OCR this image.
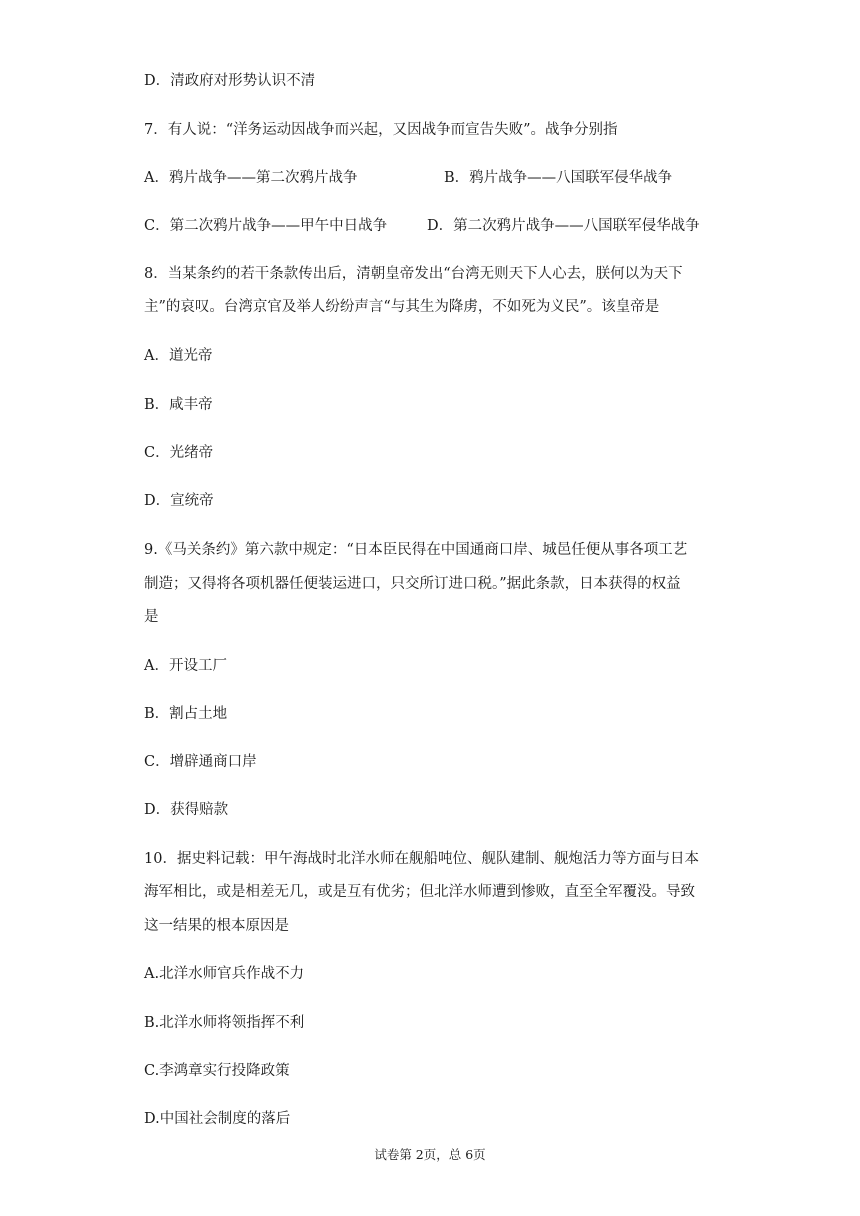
D．清政府对形势认识不清
7．有人说：“洋务运动因战争而兴起，又因战争而宣告失败”。战争分别指
A．鸦片战争——第二次鸦片战争	B．鸦片战争——八国联军侵华战争
C．第二次鸦片战争——甲午中日战争	D．第二次鸦片战争——八国联军侵华战争
8．当某条约的若干条款传出后，清朝皇帝发出“台湾无则天下人心去，朕何以为天下
主”的哀叹。台湾京官及举人纷纷声言“与其生为降虏，不如死为义民”。该皇帝是
A．道光帝
B．咸丰帝
C．光绪帝
D．宣统帝
9.《马关条约》第六款中规定：“日本臣民得在中国通商口岸、城邑任便从事各项工艺
制造；又得将各项机器任便装运进口，只交所订进口税。”据此条款，日本获得的权益
是
A．开设工厂
B．割占土地
C．增辟通商口岸
D．获得赔款
10．据史料记载：甲午海战时北洋水师在舰船吨位、舰队建制、舰炮活力等方面与日本
海军相比，或是相差无几，或是互有优劣；但北洋水师遭到惨败，直至全军覆没。导致
这一结果的根本原因是
A.北洋水师官兵作战不力
B.北洋水师将领指挥不利
C.李鸿章实行投降政策
D.中国社会制度的落后
试卷第 2页，总 6页
